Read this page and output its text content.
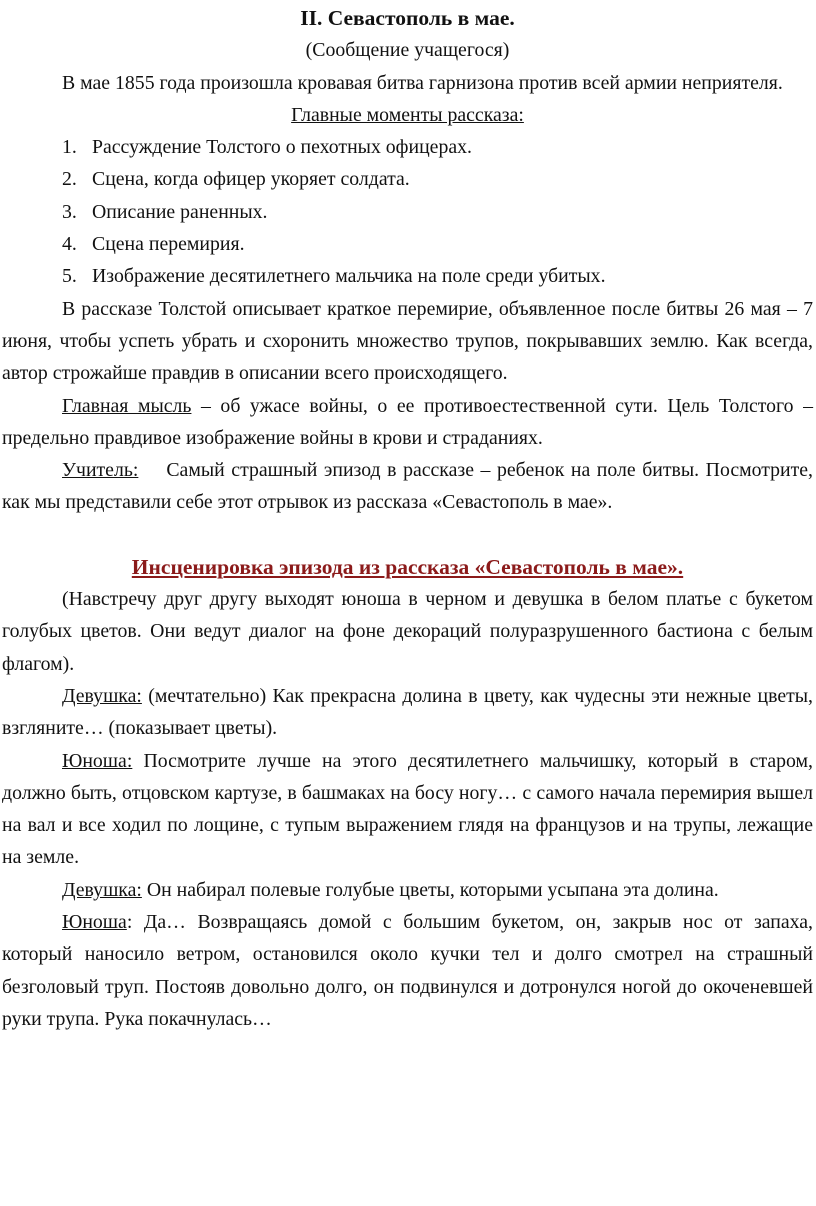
II. Севастополь в мае.

(Сообщение учащегося)

В мае 1855 года произошла кровавая битва гарнизона против всей армии неприятеля.

Главные моменты рассказа:

1. Рассуждение Толстого о пехотных офицерах.
2. Сцена, когда офицер укоряет солдата.
3. Описание раненных.
4. Сцена перемирия.
5. Изображение десятилетнего мальчика на поле среди убитых.

В рассказе Толстой описывает краткое перемирие, объявленное после битвы 26 мая – 7 июня, чтобы успеть убрать и схоронить множество трупов, покрывавших землю. Как всегда, автор строжайше правдив в описании всего происходящего.

Главная мысль – об ужасе войны, о ее противоестественной сути. Цель Толстого – предельно правдивое изображение войны в крови и страданиях.

Учитель: Самый страшный эпизод в рассказе – ребенок на поле битвы. Посмотрите, как мы представили себе этот отрывок из рассказа «Севастополь в мае».

Инсценировка эпизода из рассказа «Севастополь в мае».

(Навстречу друг другу выходят юноша в черном и девушка в белом платье с букетом голубых цветов. Они ведут диалог на фоне декораций полуразрушенного бастиона с белым флагом).

Девушка: (мечтательно) Как прекрасна долина в цвету, как чудесны эти нежные цветы, взгляните… (показывает цветы).

Юноша: Посмотрите лучше на этого десятилетнего мальчишку, который в старом, должно быть, отцовском картузе, в башмаках на босу ногу… с самого начала перемирия вышел на вал и все ходил по лощине, с тупым выражением глядя на французов и на трупы, лежащие на земле.

Девушка: Он набирал полевые голубые цветы, которыми усыпана эта долина.

Юноша: Да… Возвращаясь домой с большим букетом, он, закрыв нос от запаха, который наносило ветром, остановился около кучки тел и долго смотрел на страшный безголовый труп. Постояв довольно долго, он подвинулся и дотронулся ногой до окоченевшей руки трупа. Рука покачнулась…
